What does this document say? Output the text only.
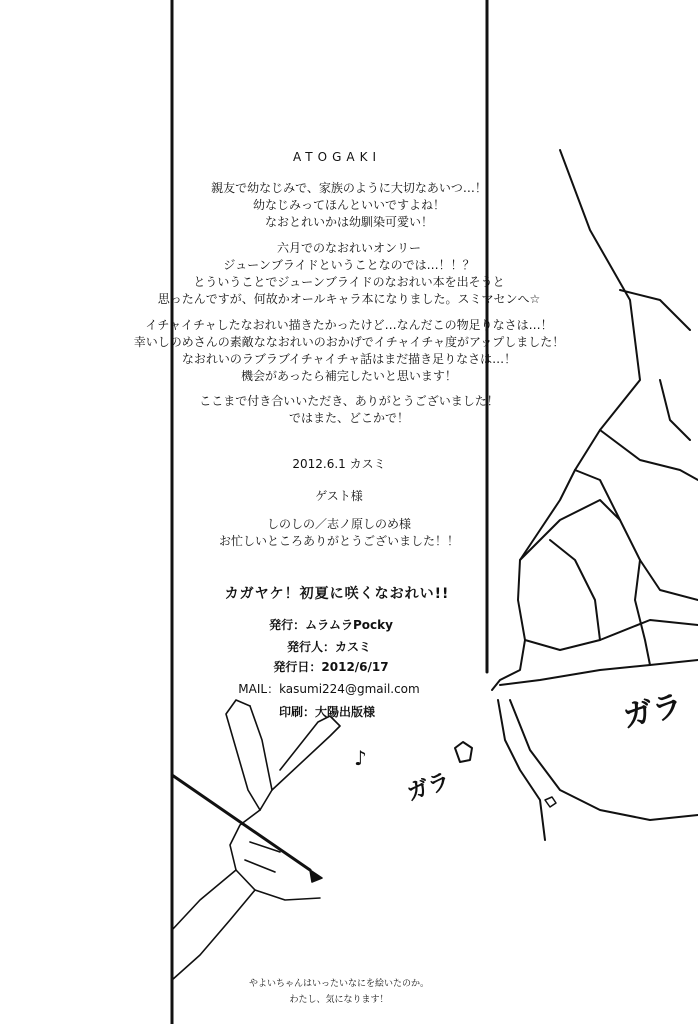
ATOGAKI
親友で幼なじみで、家族のように大切なあいつ…！
幼なじみってほんといいですよね！
なおとれいかは幼馴染可愛い！
六月でのなおれいオンリー
ジューンブライドということなのでは…！！？
とういうことでジューンブライドのなおれい本を出そうと
思ったんですが、何故かオールキャラ本になりました。スミマセンへ☆
イチャイチャしたなおれい描きたかったけど…なんだこの物足りなさは…！
幸いしのめさんの素敵ななおれいのおかげでイチャイチャ度がアップしました！
なおれいのラブラブイチャイチャ話はまだ描き足りなさは…！
機会があったら補完したいと思います！
ここまで付き合いいただき、ありがとうございました！
ではまた、どこかで！
2012.6.1 カスミ
ゲスト様
しのしの／志ノ原しのめ様
お忙しいところありがとうございました！！
カガヤケ！初夏に咲くなおれい!!
発行：ムラムラPocky
発行人：カスミ
発行日：2012/6/17
MAIL：kasumi224@gmail.com
印刷：大陽出版様	ガラ
ガラ
♪
やよいちゃんはいったいなにを絵いたのか。
わたし、気になります！
